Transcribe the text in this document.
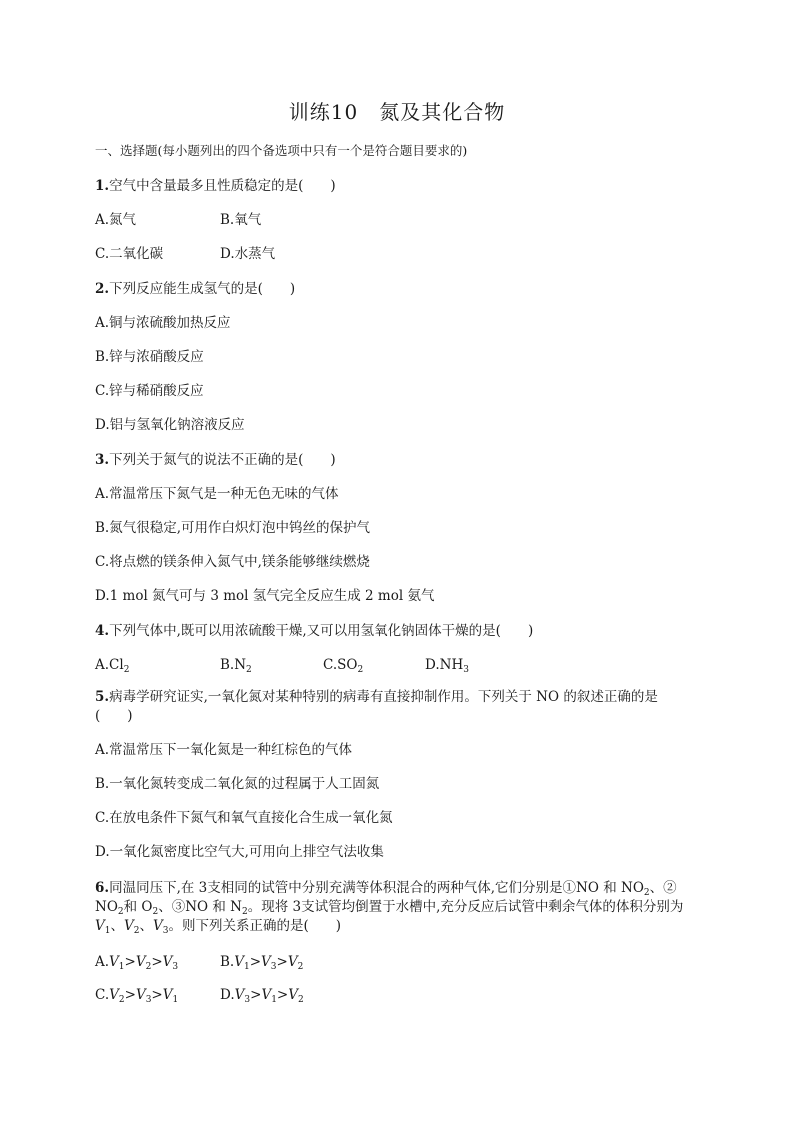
训练10　氮及其化合物
一、选择题(每小题列出的四个备选项中只有一个是符合题目要求的)
1.空气中含量最多且性质稳定的是(　　)
A.氮气	B.氧气
C.二氧化碳	D.水蒸气
2.下列反应能生成氢气的是(　　)
A.铜与浓硫酸加热反应
B.锌与浓硝酸反应
C.锌与稀硝酸反应
D.铝与氢氧化钠溶液反应
3.下列关于氮气的说法不正确的是(　　)
A.常温常压下氮气是一种无色无味的气体
B.氮气很稳定,可用作白炽灯泡中钨丝的保护气
C.将点燃的镁条伸入氮气中,镁条能够继续燃烧
D.1 mol 氮气可与 3 mol 氢气完全反应生成 2 mol 氨气
4.下列气体中,既可以用浓硫酸干燥,又可以用氢氧化钠固体干燥的是(　　)
$A.Cl_2$	$B.N_2$	$C.SO_2$	$D.NH_3$
5.病毒学研究证实,一氧化氮对某种特别的病毒有直接抑制作用。下列关于 NO 的叙述正确的是
(　　)
A.常温常压下一氧化氮是一种红棕色的气体
B.一氧化氮转变成二氧化氮的过程属于人工固氮
C.在放电条件下氮气和氧气直接化合生成一氧化氮
D.一氧化氮密度比空气大,可用向上排空气法收集
6.同温同压下,在 3支相同的试管中分别充满等体积混合的两种气体,它们分别是①NO 和 $NO_2$、②
$NO_2$和 $O_2$、③NO 和 $N_2$。现将 3支试管均倒置于水槽中,充分反应后试管中剩余气体的体积分别为
$V_1$、$V_2$、$V_3$。则下列关系正确的是(　　)
$A.V_1>V_2>V_3$	$B.V_1>V_3>V_2$
$C.V_2>V_3>V_1$	$D.V_3>V_1>V_2$
